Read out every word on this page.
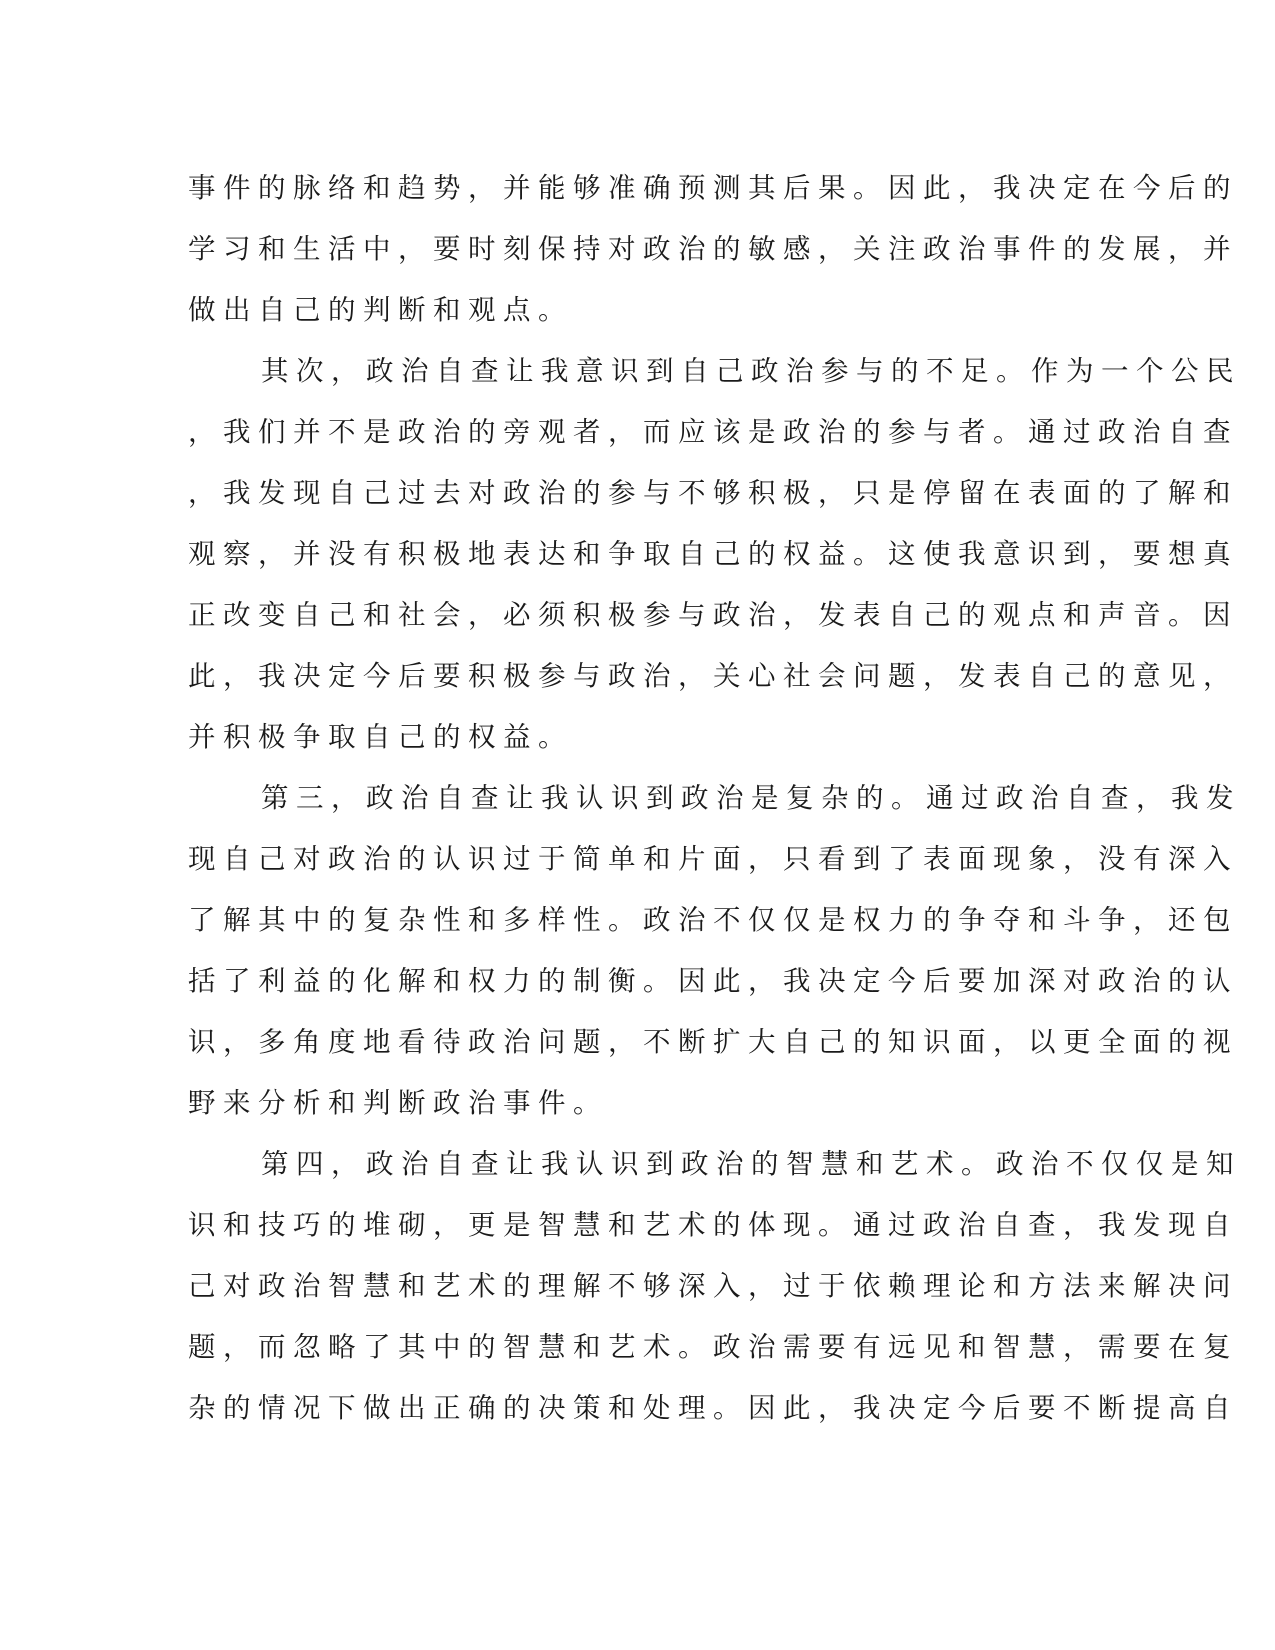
事件的脉络和趋势，并能够准确预测其后果。因此，我决定在今后的
学习和生活中，要时刻保持对政治的敏感，关注政治事件的发展，并
做出自己的判断和观点。
其次，政治自查让我意识到自己政治参与的不足。作为一个公民
，我们并不是政治的旁观者，而应该是政治的参与者。通过政治自查
，我发现自己过去对政治的参与不够积极，只是停留在表面的了解和
观察，并没有积极地表达和争取自己的权益。这使我意识到，要想真
正改变自己和社会，必须积极参与政治，发表自己的观点和声音。因
此，我决定今后要积极参与政治，关心社会问题，发表自己的意见，
并积极争取自己的权益。
第三，政治自查让我认识到政治是复杂的。通过政治自查，我发
现自己对政治的认识过于简单和片面，只看到了表面现象，没有深入
了解其中的复杂性和多样性。政治不仅仅是权力的争夺和斗争，还包
括了利益的化解和权力的制衡。因此，我决定今后要加深对政治的认
识，多角度地看待政治问题，不断扩大自己的知识面，以更全面的视
野来分析和判断政治事件。
第四，政治自查让我认识到政治的智慧和艺术。政治不仅仅是知
识和技巧的堆砌，更是智慧和艺术的体现。通过政治自查，我发现自
己对政治智慧和艺术的理解不够深入，过于依赖理论和方法来解决问
题，而忽略了其中的智慧和艺术。政治需要有远见和智慧，需要在复
杂的情况下做出正确的决策和处理。因此，我决定今后要不断提高自
